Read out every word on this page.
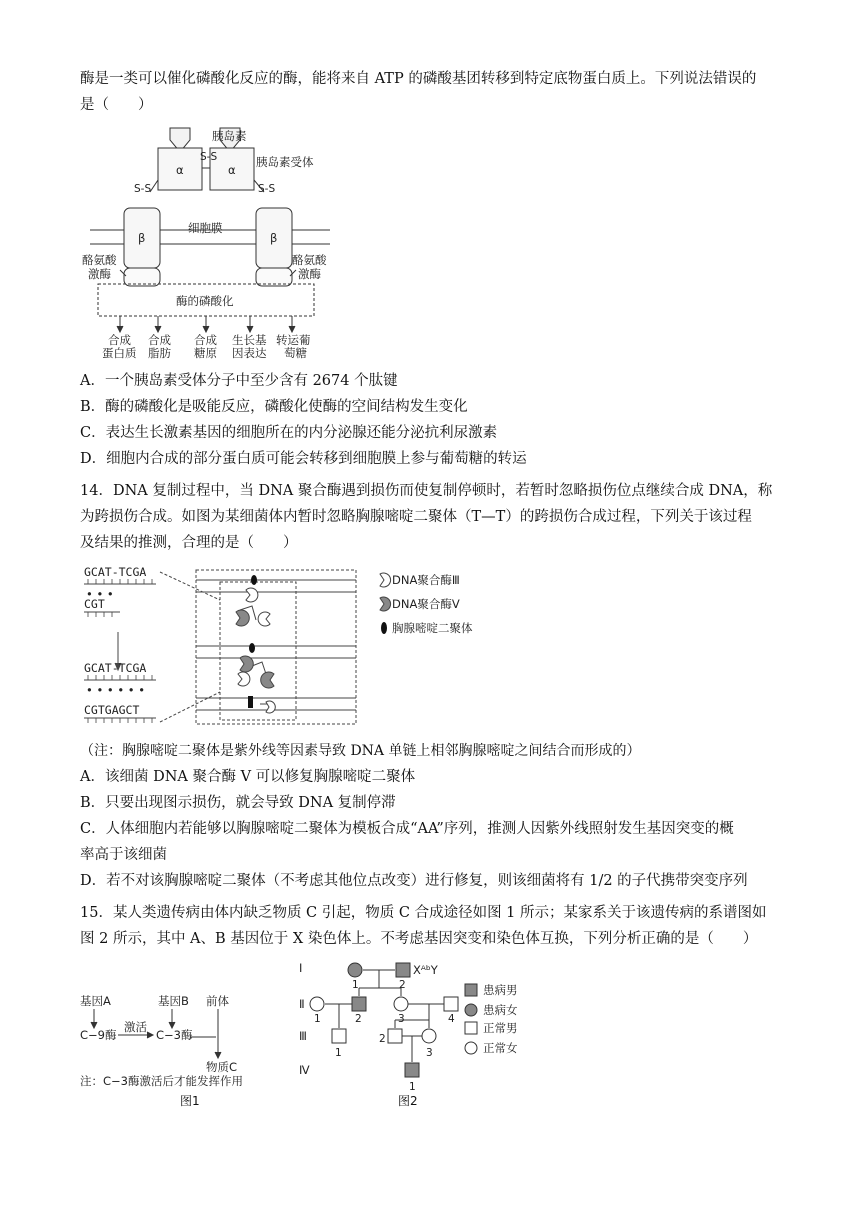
酶是一类可以催化磷酸化反应的酶，能将来自 ATP 的磷酸基团转移到特定底物蛋白质上。下列说法错误的

是（　　）

胰岛素
α	α
S-S	胰岛素受体
S-S	S-S
细胞膜
β	β
酪氨酸
激酶
酪氨酸
激酶
酶的磷酸化
合成
蛋白质
合成
脂肪
合成
糖原
生长基
因表达
转运葡
萄糖
A．一个胰岛素受体分子中至少含有 2674 个肽键
B．酶的磷酸化是吸能反应，磷酸化使酶的空间结构发生变化
C．表达生长激素基因的细胞所在的内分泌腺还能分泌抗利尿激素
D．细胞内合成的部分蛋白质可能会转移到细胞膜上参与葡萄糖的转运

14．DNA 复制过程中，当 DNA 聚合酶遇到损伤而使复制停顿时，若暂时忽略损伤位点继续合成 DNA，称

为跨损伤合成。如图为某细菌体内暂时忽略胸腺嘧啶二聚体（T—T）的跨损伤合成过程，下列关于该过程

及结果的推测，合理的是（　　）

GCAT-TCGA
• • •
CGT
GCAT-TCGA
• • • • • •
CGTGAGCT
DNA聚合酶Ⅲ
DNA聚合酶Ⅴ
胸腺嘧啶二聚体
（注：胸腺嘧啶二聚体是紫外线等因素导致 DNA 单链上相邻胸腺嘧啶之间结合而形成的）
A．该细菌 DNA 聚合酶 V 可以修复胸腺嘧啶二聚体
B．只要出现图示损伤，就会导致 DNA 复制停滞
C．人体细胞内若能够以胸腺嘧啶二聚体为模板合成“AA”序列，推测人因紫外线照射发生基因突变的概
率高于该细菌
D．若不对该胸腺嘧啶二聚体（不考虑其他位点改变）进行修复，则该细菌将有 1/2 的子代携带突变序列

15．某人类遗传病由体内缺乏物质 C 引起，物质 C 合成途径如图 1 所示；某家系关于该遗传病的系谱图如

图 2 所示，其中 A、B 基因位于 X 染色体上。不考虑基因突变和染色体互换，下列分析正确的是（　　）

基因A	基因B 前体
C−9酶
激活
C−3酶
物质C
注：C−3酶激活后才能发挥作用
图1
Ⅰ
Ⅱ
Ⅲ
Ⅳ
XᴬᵇY
1	2
1	2	3	4
1
2
3
1
患病男
患病女
正常男
正常女
图2
